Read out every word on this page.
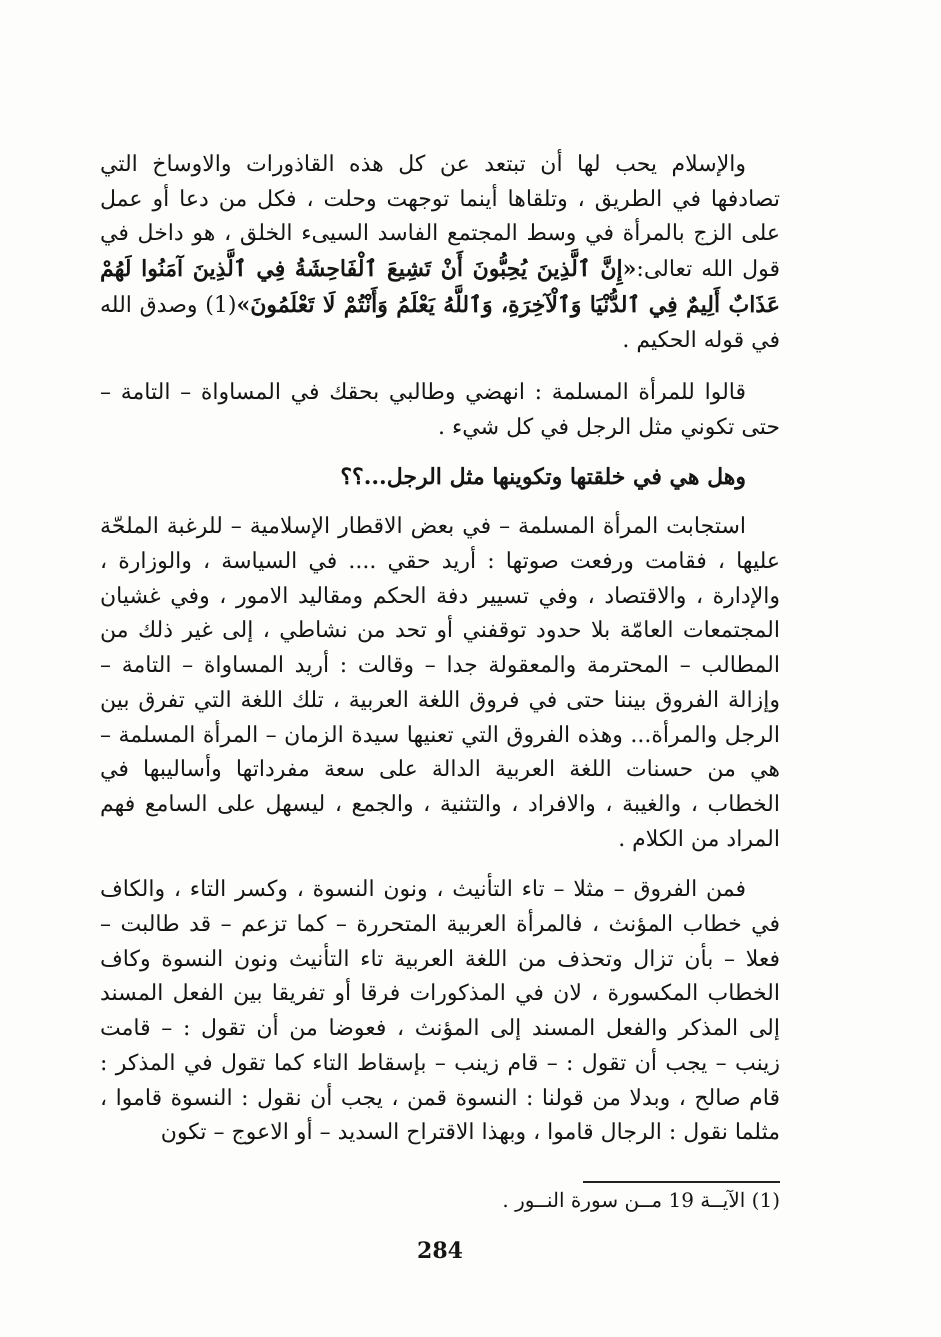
والإسلام يحب لها أن تبتعد عن كل هذه القاذورات والاوساخ التي تصادفها في الطريق ، وتلقاها أينما توجهت وحلت ، فكل من دعا أو عمل على الزج بالمرأة في وسط المجتمع الفاسد السيىء الخلق ، هو داخل في قول الله تعالى:«إِنَّ ٱلَّذِينَ يُحِبُّونَ أَنْ تَشِيعَ ٱلْفَاحِشَةُ فِي ٱلَّذِينَ آمَنُوا لَهُمْ عَذَابٌ أَلِيمٌ فِي ٱلدُّنْيَا وَٱلْآخِرَةِ، وَٱللَّهُ يَعْلَمُ وَأَنْتُمْ لَا تَعْلَمُونَ»(1) وصدق الله في قوله الحكيم .

قالوا للمرأة المسلمة : انهضي وطالبي بحقك في المساواة – التامة – حتى تكوني مثل الرجل في كل شيء .

وهل هي في خلقتها وتكوينها مثل الرجل...؟؟

استجابت المرأة المسلمة – في بعض الاقطار الإسلامية – للرغبة الملحّة عليها ، فقامت ورفعت صوتها : أريد حقي .... في السياسة ، والوزارة ، والإدارة ، والاقتصاد ، وفي تسيير دفة الحكم ومقاليد الامور ، وفي غشيان المجتمعات العامّة بلا حدود توقفني أو تحد من نشاطي ، إلى غير ذلك من المطالب – المحترمة والمعقولة جدا – وقالت : أريد المساواة – التامة – وإزالة الفروق بيننا حتى في فروق اللغة العربية ، تلك اللغة التي تفرق بين الرجل والمرأة... وهذه الفروق التي تعنيها سيدة الزمان – المرأة المسلمة – هي من حسنات اللغة العربية الدالة على سعة مفرداتها وأساليبها في الخطاب ، والغيبة ، والافراد ، والتثنية ، والجمع ، ليسهل على السامع فهم المراد من الكلام .

فمن الفروق – مثلا – تاء التأنيث ، ونون النسوة ، وكسر التاء ، والكاف في خطاب المؤنث ، فالمرأة العربية المتحررة – كما تزعم – قد طالبت – فعلا – بأن تزال وتحذف من اللغة العربية تاء التأنيث ونون النسوة وكاف الخطاب المكسورة ، لان في المذكورات فرقا أو تفريقا بين الفعل المسند إلى المذكر والفعل المسند إلى المؤنث ، فعوضا من أن تقول : – قامت زينب – يجب أن تقول : – قام زينب – بإسقاط التاء كما تقول في المذكر : قام صالح ، وبدلا من قولنا : النسوة قمن ، يجب أن نقول : النسوة قاموا ، مثلما نقول : الرجال قاموا ، وبهذا الاقتراح السديد – أو الاعوج – تكون

(1) الآيــة 19 مــن سورة النــور .
284
